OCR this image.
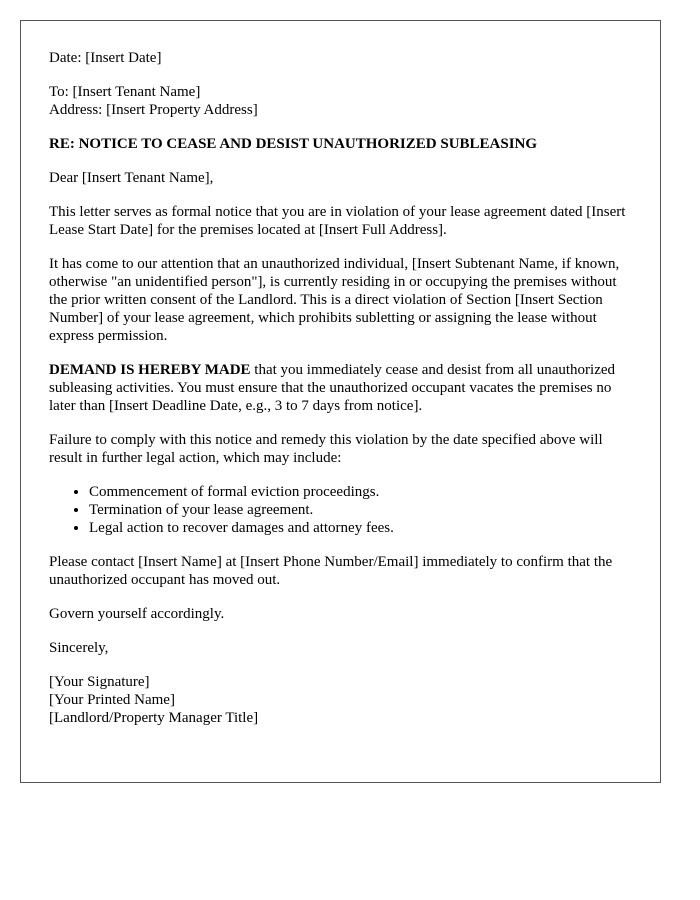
Date: [Insert Date]

To: [Insert Tenant Name]
Address: [Insert Property Address]

RE: NOTICE TO CEASE AND DESIST UNAUTHORIZED SUBLEASING

Dear [Insert Tenant Name],

This letter serves as formal notice that you are in violation of your lease agreement dated [Insert Lease Start Date] for the premises located at [Insert Full Address].

It has come to our attention that an unauthorized individual, [Insert Subtenant Name, if known, otherwise "an unidentified person"], is currently residing in or occupying the premises without the prior written consent of the Landlord. This is a direct violation of Section [Insert Section Number] of your lease agreement, which prohibits subletting or assigning the lease without express permission.

DEMAND IS HEREBY MADE that you immediately cease and desist from all unauthorized subleasing activities. You must ensure that the unauthorized occupant vacates the premises no later than [Insert Deadline Date, e.g., 3 to 7 days from notice].

Failure to comply with this notice and remedy this violation by the date specified above will result in further legal action, which may include:

• Commencement of formal eviction proceedings.
• Termination of your lease agreement.
• Legal action to recover damages and attorney fees.

Please contact [Insert Name] at [Insert Phone Number/Email] immediately to confirm that the unauthorized occupant has moved out.

Govern yourself accordingly.

Sincerely,

[Your Signature]
[Your Printed Name]
[Landlord/Property Manager Title]
